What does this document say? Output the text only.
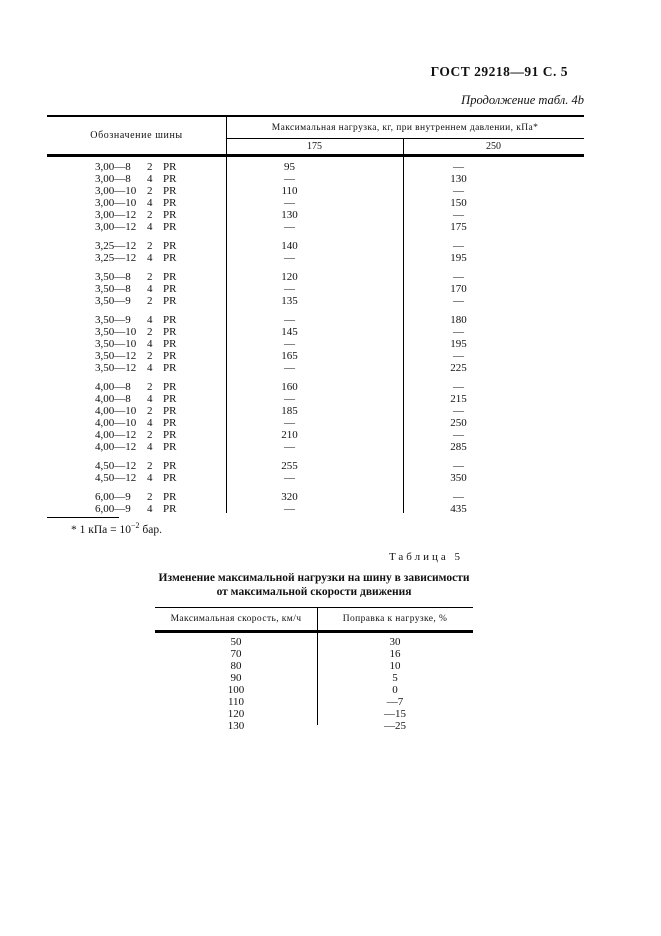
ГОСТ 29218—91 С. 5
Продолжение табл. 4b
Обозначение шины
Максимальная нагрузка, кг, при внутреннем давлении, кПа*
175	250
3,00—8 2 PR	95	—
3,00—8 4 PR	—	130
3,00—10 2 PR	110	—
3,00—10 4 PR	—	150
3,00—12 2 PR	130	—
3,00—12 4 PR	—	175
3,25—12 2 PR	140	—
3,25—12 4 PR	—	195
3,50—8 2 PR	120	—
3,50—8 4 PR	—	170
3,50—9 2 PR	135	—
3,50—9 4 PR	—	180
3,50—10 2 PR	145	—
3,50—10 4 PR	—	195
3,50—12 2 PR	165	—
3,50—12 4 PR	—	225
4,00—8 2 PR	160	—
4,00—8 4 PR	—	215
4,00—10 2 PR	185	—
4,00—10 4 PR	—	250
4,00—12 2 PR	210	—
4,00—12 4 PR	—	285
4,50—12 2 PR	255	—
4,50—12 4 PR	—	350
6,00—9 2 PR	320	—
6,00—9 4 PR	—	435
* 1 кПа = $10^{-2}$ бар.
Таблица 5
Изменение максимальной нагрузки на шину в зависимости
от максимальной скорости движения
Максимальная скорость, км/ч	Поправка к нагрузке, %
50	30
70	16
80	10
90	5
100	0
110	—7
120	—15
130	—25
